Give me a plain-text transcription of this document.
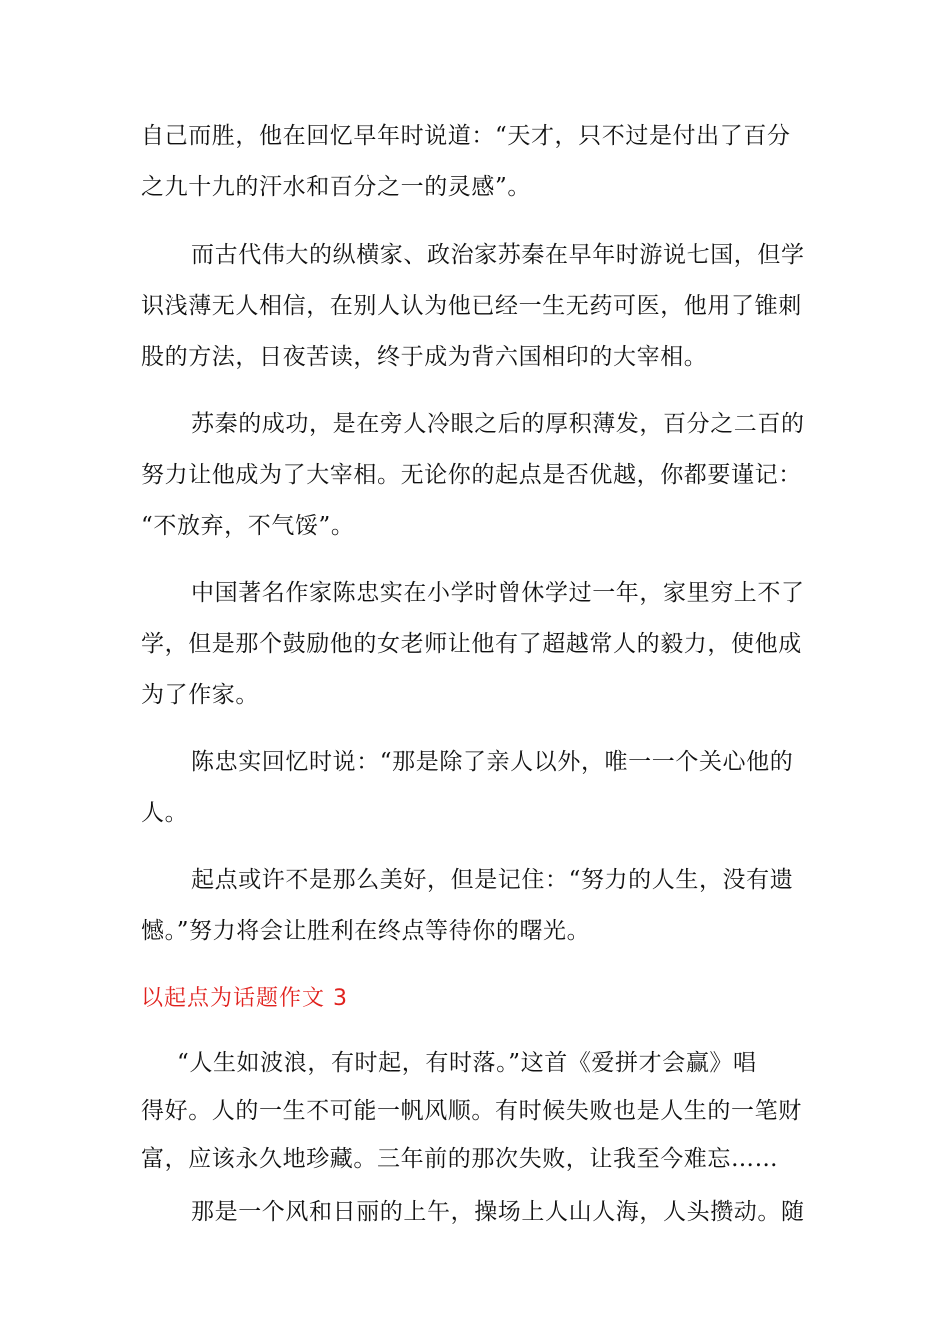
自己而胜，他在回忆早年时说道：“天才，只不过是付出了百分
之九十九的汗水和百分之一的灵感”。
而古代伟大的纵横家、政治家苏秦在早年时游说七国，但学
识浅薄无人相信，在别人认为他已经一生无药可医，他用了锥刺
股的方法，日夜苦读，终于成为背六国相印的大宰相。
苏秦的成功，是在旁人冷眼之后的厚积薄发，百分之二百的
努力让他成为了大宰相。无论你的起点是否优越，你都要谨记：
“不放弃，不气馁”。
中国著名作家陈忠实在小学时曾休学过一年，家里穷上不了
学，但是那个鼓励他的女老师让他有了超越常人的毅力，使他成
为了作家。
陈忠实回忆时说：“那是除了亲人以外，唯一一个关心他的
人。
起点或许不是那么美好，但是记住：“努力的人生，没有遗
憾。”努力将会让胜利在终点等待你的曙光。
以起点为话题作文 3
“人生如波浪，有时起，有时落。”这首《爱拼才会赢》唱
得好。人的一生不可能一帆风顺。有时候失败也是人生的一笔财
富，应该永久地珍藏。三年前的那次失败，让我至今难忘……
那是一个风和日丽的上午，操场上人山人海，人头攒动。随
